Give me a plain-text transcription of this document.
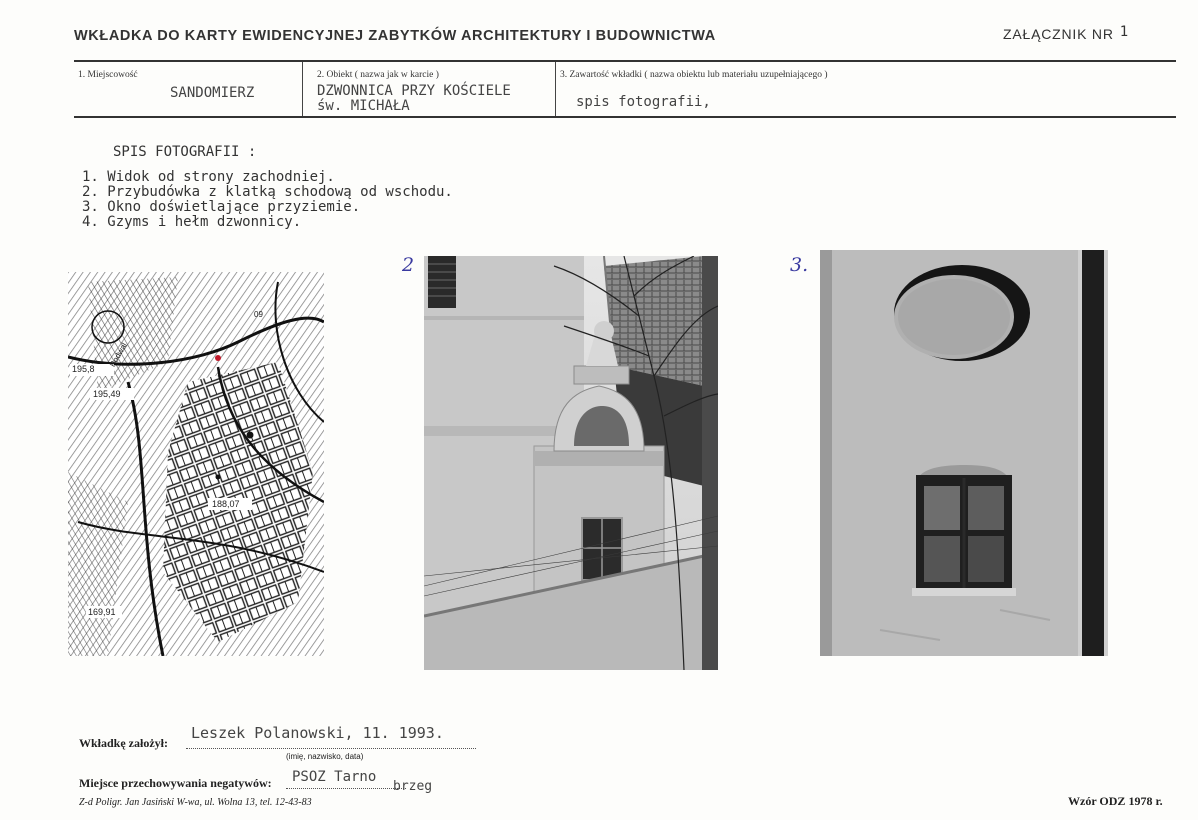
WKŁADKA DO KARTY EWIDENCYJNEJ ZABYTKÓW ARCHITEKTURY I BUDOWNICTWA	ZAŁĄCZNIK NR 1
1. Miejscowość
SANDOMIERZ
2. Obiekt ( nazwa jak w karcie )
DZWONNICA PRZY KOŚCIELE
św. MICHAŁA
3. Zawartość wkładki ( nazwa obiektu lub materiału uzupełniającego )
spis fotografii,
SPIS FOTOGRAFII :
1. Widok od strony zachodniej.
2. Przybudówka z klatką schodową od wschodu.
3. Okno doświetlające przyziemie.
4. Gzyms i hełm dzwonnicy.
195,8
195,49
188,07
Podwal
169,91
09
2	3.
Wkładkę założył:
Leszek Polanowski, 11. 1993.
(imię, nazwisko, data)
Miejsce przechowywania negatywów: PSOZ Tarno
brzeg
Z-d Poligr. Jan Jasiński W-wa, ul. Wolna 13, tel. 12-43-83	Wzór ODZ 1978 r.
